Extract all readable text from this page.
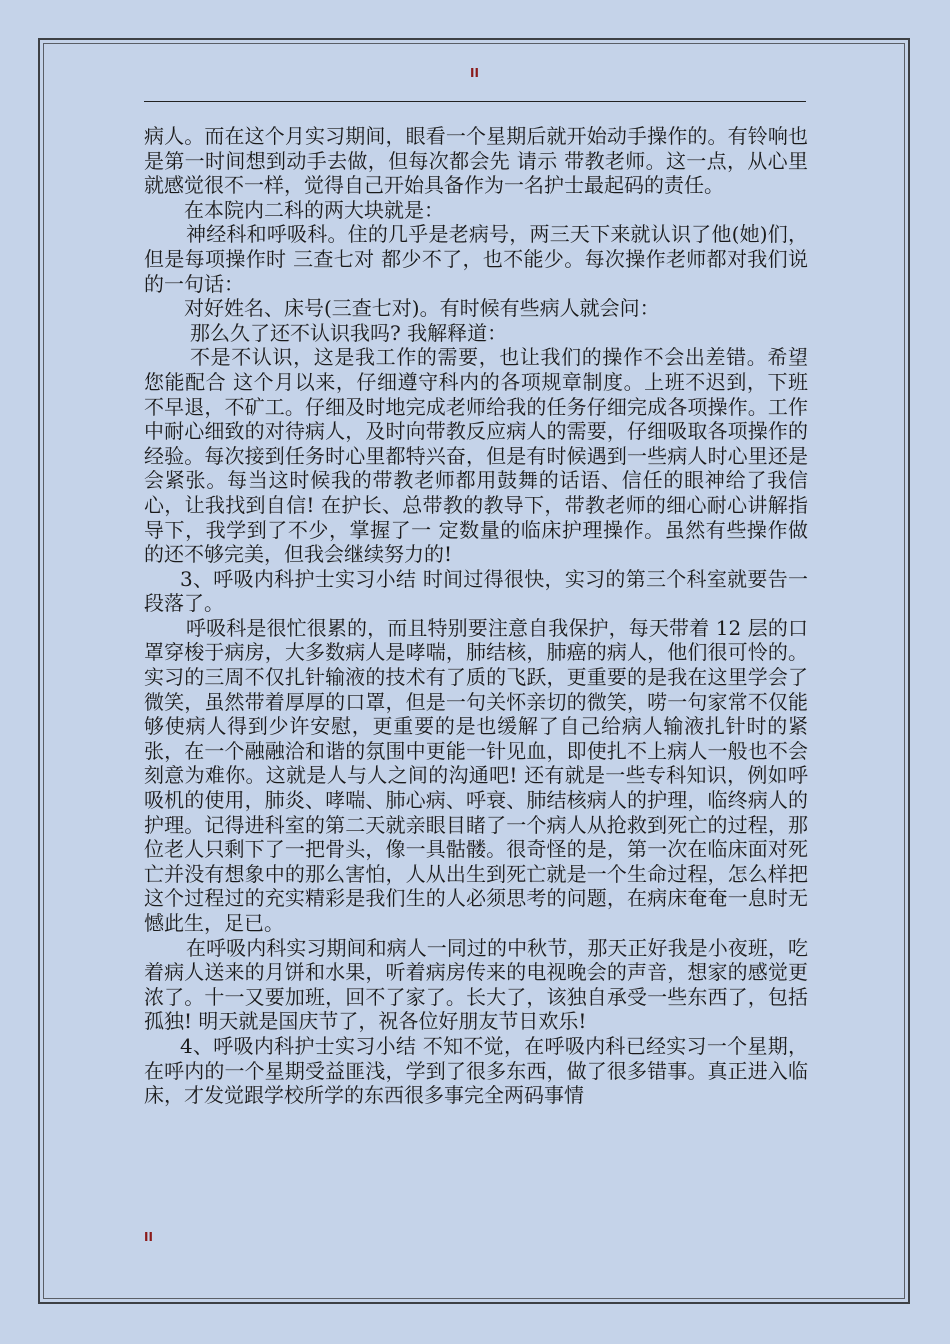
II

病人。而在这个月实习期间，眼看一个星期后就开始动手操作的。有铃响也是第一时间想到动手去做，但每次都会先 请示 带教老师。这一点，从心里就感觉很不一样，觉得自己开始具备作为一名护士最起码的责任。

在本院内二科的两大块就是：

神经科和呼吸科。住的几乎是老病号，两三天下来就认识了他(她)们，但是每项操作时 三查七对 都少不了，也不能少。每次操作老师都对我们说的一句话：

对好姓名、床号(三查七对)。有时候有些病人就会问：

那么久了还不认识我吗? 我解释道：

不是不认识，这是我工作的需要，也让我们的操作不会出差错。希望您能配合 这个月以来，仔细遵守科内的各项规章制度。上班不迟到，下班不早退，不矿工。仔细及时地完成老师给我的任务仔细完成各项操作。工作中耐心细致的对待病人，及时向带教反应病人的需要，仔细吸取各项操作的经验。每次接到任务时心里都特兴奋，但是有时候遇到一些病人时心里还是会紧张。每当这时候我的带教老师都用鼓舞的话语、信任的眼神给了我信心，让我找到自信! 在护长、总带教的教导下，带教老师的细心耐心讲解指导下，我学到了不少，掌握了一 定数量的临床护理操作。虽然有些操作做的还不够完美，但我会继续努力的!

3、呼吸内科护士实习小结 时间过得很快，实习的第三个科室就要告一段落了。

呼吸科是很忙很累的，而且特别要注意自我保护，每天带着 12 层的口罩穿梭于病房，大多数病人是哮喘，肺结核，肺癌的病人，他们很可怜的。实习的三周不仅扎针输液的技术有了质的飞跃，更重要的是我在这里学会了微笑，虽然带着厚厚的口罩，但是一句关怀亲切的微笑，唠一句家常不仅能够使病人得到少许安慰，更重要的是也缓解了自己给病人输液扎针时的紧张，在一个融融洽和谐的氛围中更能一针见血，即使扎不上病人一般也不会刻意为难你。这就是人与人之间的沟通吧! 还有就是一些专科知识，例如呼吸机的使用，肺炎、哮喘、肺心病、呼衰、肺结核病人的护理，临终病人的护理。记得进科室的第二天就亲眼目睹了一个病人从抢救到死亡的过程，那位老人只剩下了一把骨头，像一具骷髅。很奇怪的是，第一次在临床面对死亡并没有想象中的那么害怕，人从出生到死亡就是一个生命过程，怎么样把这个过程过的充实精彩是我们生的人必须思考的问题，在病床奄奄一息时无憾此生，足已。

在呼吸内科实习期间和病人一同过的中秋节，那天正好我是小夜班，吃着病人送来的月饼和水果，听着病房传来的电视晚会的声音，想家的感觉更浓了。十一又要加班，回不了家了。长大了，该独自承受一些东西了，包括孤独! 明天就是国庆节了，祝各位好朋友节日欢乐!

4、呼吸内科护士实习小结 不知不觉，在呼吸内科已经实习一个星期，在呼内的一个星期受益匪浅，学到了很多东西，做了很多错事。真正进入临床，才发觉跟学校所学的东西很多事完全两码事情

II
